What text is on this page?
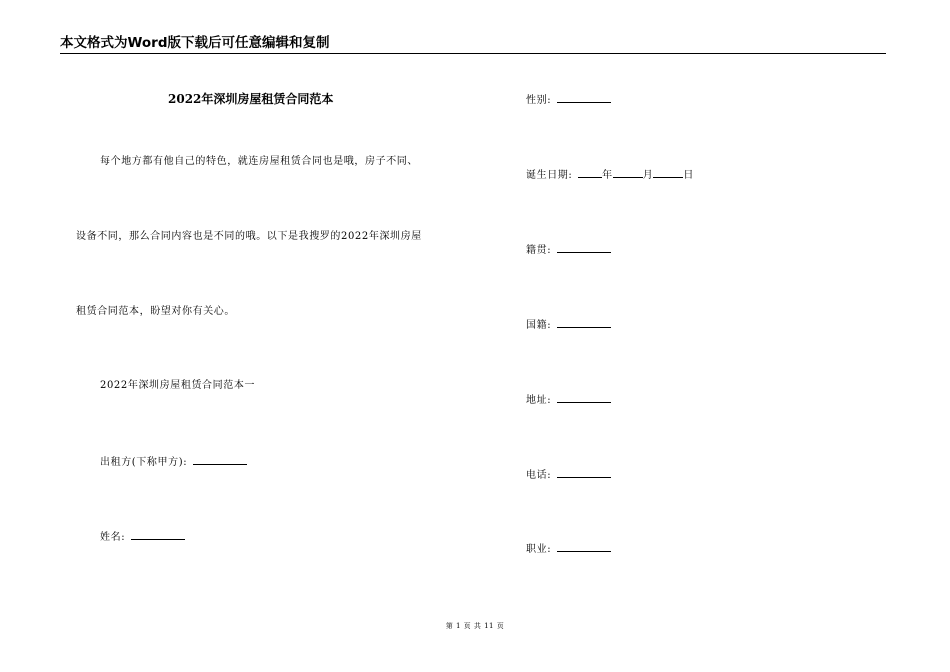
本文格式为Word版下载后可任意编辑和复制
2022年深圳房屋租赁合同范本
每个地方都有他自己的特色，就连房屋租赁合同也是哦，房子不同、
设备不同，那么合同内容也是不同的哦。以下是我搜罗的2022年深圳房屋
租赁合同范本，盼望对你有关心。
2022年深圳房屋租赁合同范本一
出租方(下称甲方):
姓名:
性别:
诞生日期:	年	月	日
籍贯:
国籍:
地址:
电话:
职业:
第 1 页 共 11 页
